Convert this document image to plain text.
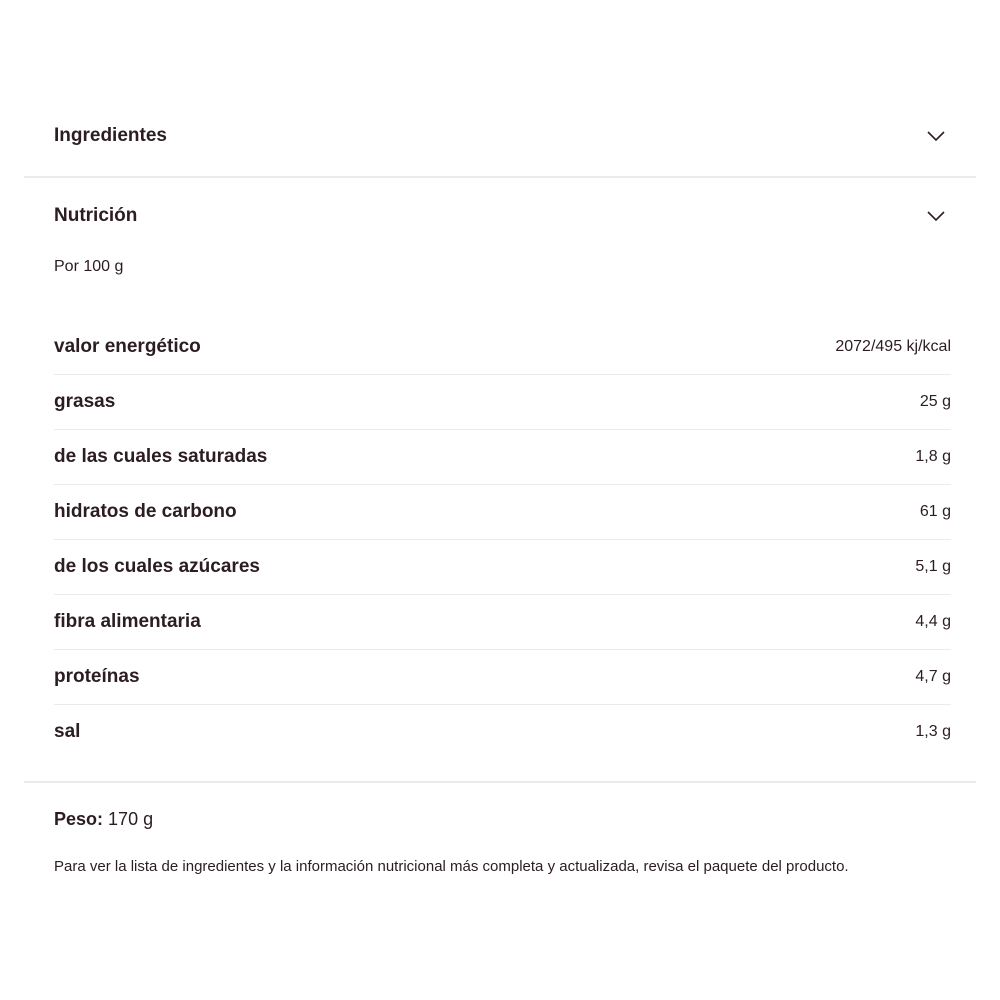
Ingredientes
Nutrición
Por 100 g
valor energético	2072/495 kj/kcal
grasas	25 g
de las cuales saturadas	1,8 g
hidratos de carbono	61 g
de los cuales azúcares	5,1 g
fibra alimentaria	4,4 g
proteínas	4,7 g
sal	1,3 g
Peso: 170 g
Para ver la lista de ingredientes y la información nutricional más completa y actualizada, revisa el paquete del producto.
